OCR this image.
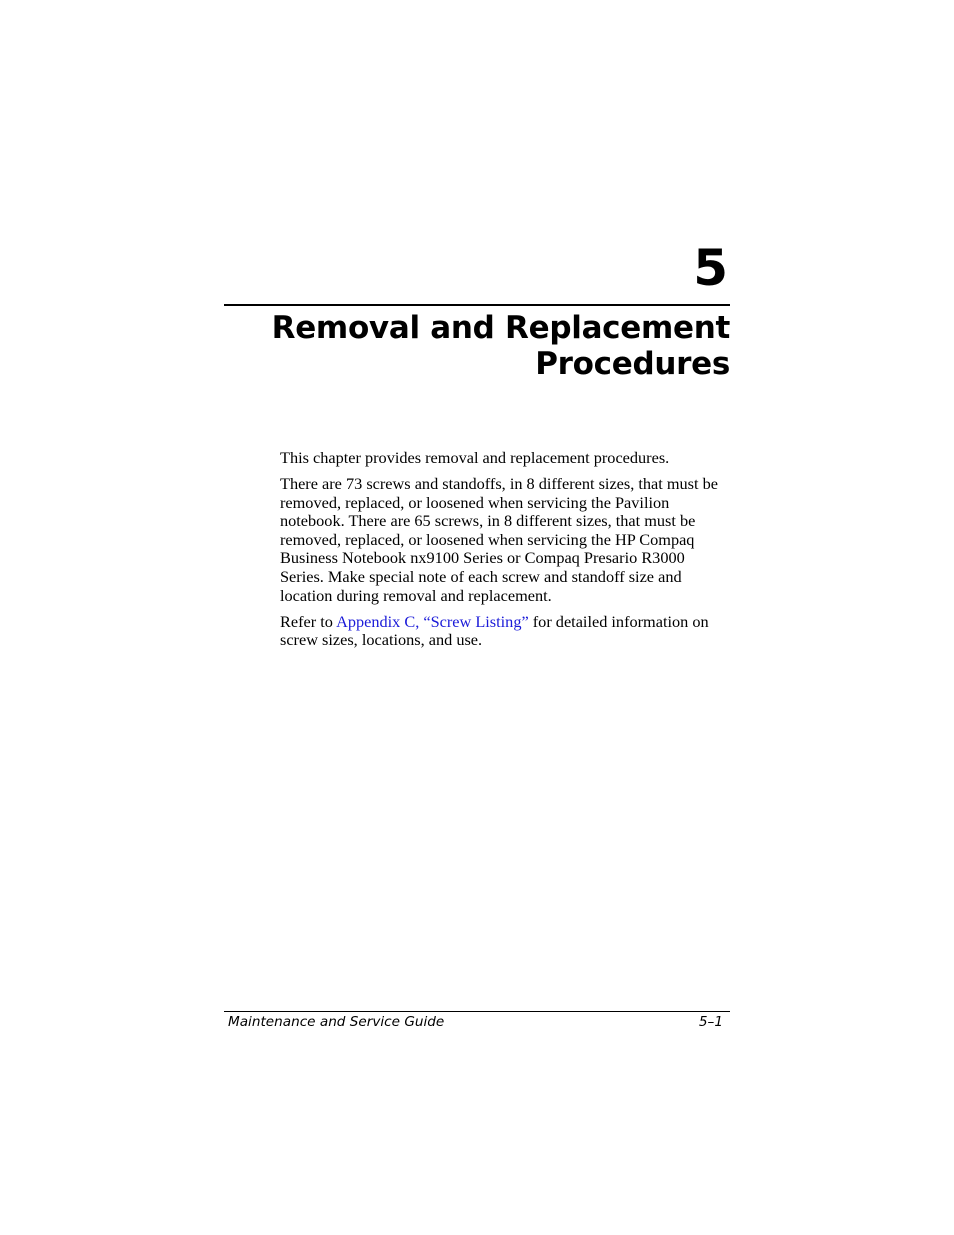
5
Removal and Replacement
Procedures

This chapter provides removal and replacement procedures.

There are 73 screws and standoffs, in 8 different sizes, that must be removed, replaced, or loosened when servicing the Pavilion notebook. There are 65 screws, in 8 different sizes, that must be removed, replaced, or loosened when servicing the HP Compaq Business Notebook nx9100 Series or Compaq Presario R3000 Series. Make special note of each screw and standoff size and location during removal and replacement.

Refer to Appendix C, “Screw Listing” for detailed information on screw sizes, locations, and use.

Maintenance and Service Guide	5–1
